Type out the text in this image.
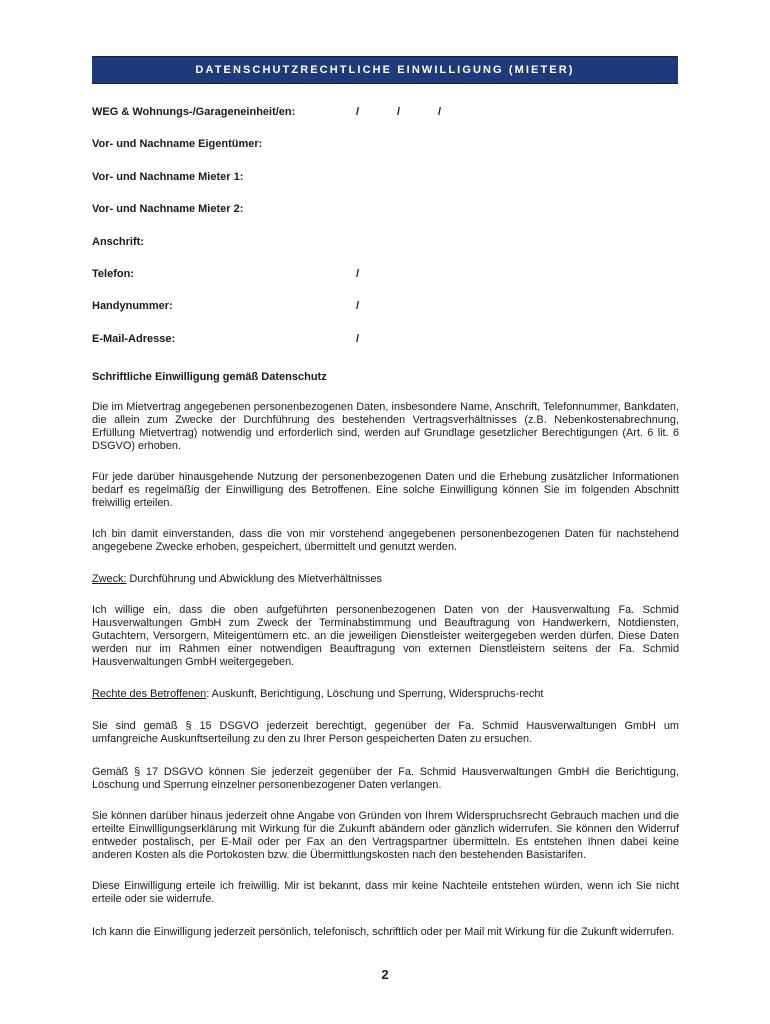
DATENSCHUTZRECHTLICHE EINWILLIGUNG (MIETER)
WEG & Wohnungs-/Garageneinheit/en:	/	/	/
Vor- und Nachname Eigentümer:
Vor- und Nachname Mieter 1:
Vor- und Nachname Mieter 2:
Anschrift:
Telefon:	/
Handynummer:	/
E-Mail-Adresse:	/
Schriftliche Einwilligung gemäß Datenschutz

Die im Mietvertrag angegebenen personenbezogenen Daten, insbesondere Name, Anschrift, Telefonnummer, Bankdaten, die allein zum Zwecke der Durchführung des bestehenden Vertragsverhältnisses (z.B. Nebenkostenabrechnung, Erfüllung Mietvertrag) notwendig und erforderlich sind, werden auf Grundlage gesetzlicher Berechtigungen (Art. 6 lit. 6 DSGVO) erhoben.

Für jede darüber hinausgehende Nutzung der personenbezogenen Daten und die Erhebung zusätzlicher Informationen bedarf es regelmäßig der Einwilligung des Betroffenen. Eine solche Einwilligung können Sie im folgenden Abschnitt freiwillig erteilen.

Ich bin damit einverstanden, dass die von mir vorstehend angegebenen personenbezogenen Daten für nachstehend angegebene Zwecke erhoben, gespeichert, übermittelt und genutzt werden.

Zweck: Durchführung und Abwicklung des Mietverhältnisses

Ich willige ein, dass die oben aufgeführten personenbezogenen Daten von der Hausverwaltung Fa. Schmid Hausverwaltungen GmbH zum Zweck der Terminabstimmung und Beauftragung von Handwerkern, Notdiensten, Gutachtern, Versorgern, Miteigentümern etc. an die jeweiligen Dienstleister weitergegeben werden dürfen. Diese Daten werden nur im Rahmen einer notwendigen Beauftragung von externen Dienstleistern seitens der Fa. Schmid Hausverwaltungen GmbH weitergegeben.

Rechte des Betroffenen: Auskunft, Berichtigung, Löschung und Sperrung, Widerspruchs-recht

Sie sind gemäß § 15 DSGVO jederzeit berechtigt, gegenüber der Fa. Schmid Hausverwaltungen GmbH um umfangreiche Auskunftserteilung zu den zu Ihrer Person gespeicherten Daten zu ersuchen.

Gemäß § 17 DSGVO können Sie jederzeit gegenüber der Fa. Schmid Hausverwaltungen GmbH die Berichtigung, Löschung und Sperrung einzelner personenbezogener Daten verlangen.

Sie können darüber hinaus jederzeit ohne Angabe von Gründen von Ihrem Widerspruchsrecht Gebrauch machen und die erteilte Einwilligungserklärung mit Wirkung für die Zukunft abändern oder gänzlich widerrufen. Sie können den Widerruf entweder postalisch, per E-Mail oder per Fax an den Vertragspartner übermitteln. Es entstehen Ihnen dabei keine anderen Kosten als die Portokosten bzw. die Übermittlungskosten nach den bestehenden Basistarifen.

Diese Einwilligung erteile ich freiwillig. Mir ist bekannt, dass mir keine Nachteile entstehen würden, wenn ich Sie nicht erteile oder sie widerrufe.

Ich kann die Einwilligung jederzeit persönlich, telefonisch, schriftlich oder per Mail mit Wirkung für die Zukunft widerrufen.

2
